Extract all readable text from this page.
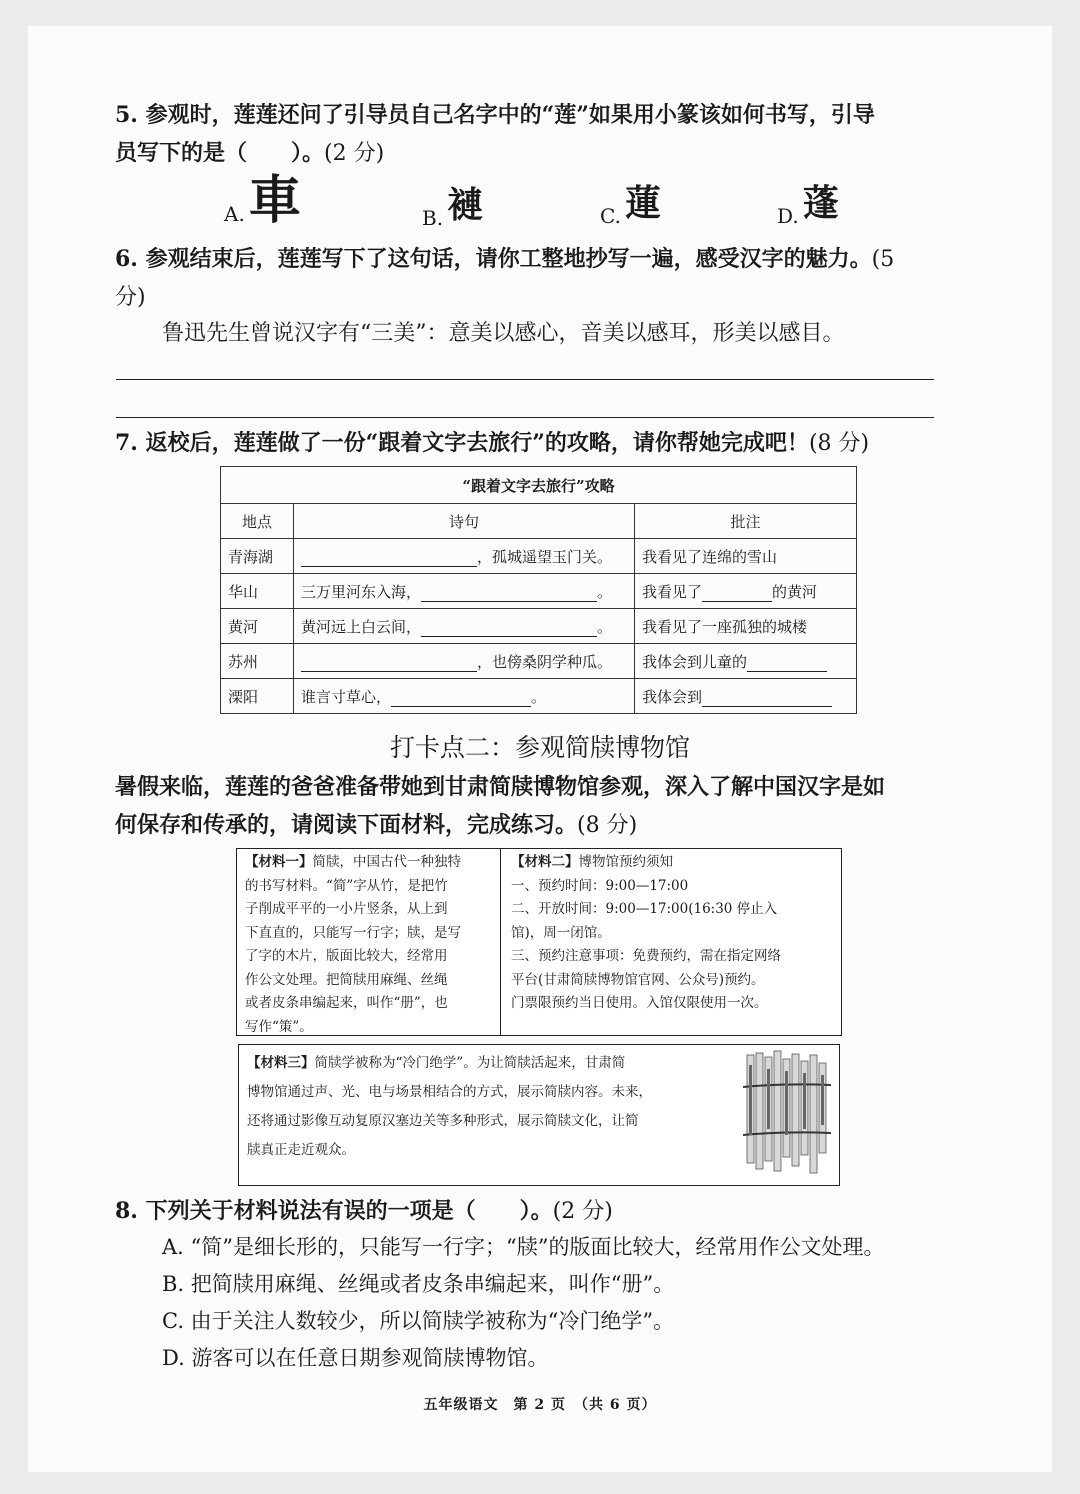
5. 参观时，莲莲还问了引导员自己名字中的“莲”如果用小篆该如何书写，引导
员写下的是（　　）。(2 分)
A. 車	B. 褳	C. 蓮	D. 蓬
6. 参观结束后，莲莲写下了这句话，请你工整地抄写一遍，感受汉字的魅力。(5
分)
鲁迅先生曾说汉字有“三美”：意美以感心，音美以感耳，形美以感目。
7. 返校后，莲莲做了一份“跟着文字去旅行”的攻略，请你帮她完成吧！(8 分)
“跟着文字去旅行”攻略		
地点	诗句	批注
青海湖	，孤城遥望玉门关。	我看见了连绵的雪山
华山	三万里河东入海， 。	我看见了 的黄河
黄河	黄河远上白云间， 。	我看见了一座孤独的城楼
苏州	，也傍桑阴学种瓜。	我体会到儿童的
溧阳	谁言寸草心， 。	我体会到
打卡点二：参观简牍博物馆
暑假来临，莲莲的爸爸准备带她到甘肃简牍博物馆参观，深入了解中国汉字是如
何保存和传承的，请阅读下面材料，完成练习。(8 分)
【材料一】简牍，中国古代一种独特
的书写材料。“简”字从竹，是把竹
子削成平平的一小片竖条，从上到
下直直的，只能写一行字；牍，是写
了字的木片，版面比较大，经常用
作公文处理。把简牍用麻绳、丝绳
或者皮条串编起来，叫作“册”，也
写作“策”。
【材料二】博物馆预约须知
一、预约时间：9:00—17:00
二、开放时间：9:00—17:00(16:30 停止入
馆)，周一闭馆。
三、预约注意事项：免费预约，需在指定网络
平台(甘肃简牍博物馆官网、公众号)预约。
门票限预约当日使用。入馆仅限使用一次。
【材料三】简牍学被称为“冷门绝学”。为让简牍活起来，甘肃简
博物馆通过声、光、电与场景相结合的方式，展示简牍内容。未来，
还将通过影像互动复原汉塞边关等多种形式，展示简牍文化，让简
牍真正走近观众。
8. 下列关于材料说法有误的一项是（　　）。(2 分)
A. “简”是细长形的，只能写一行字；“牍”的版面比较大，经常用作公文处理。
B. 把简牍用麻绳、丝绳或者皮条串编起来，叫作“册”。
C. 由于关注人数较少，所以简牍学被称为“冷门绝学”。
D. 游客可以在任意日期参观简牍博物馆。
五年级语文　第 2 页　（共 6 页）
